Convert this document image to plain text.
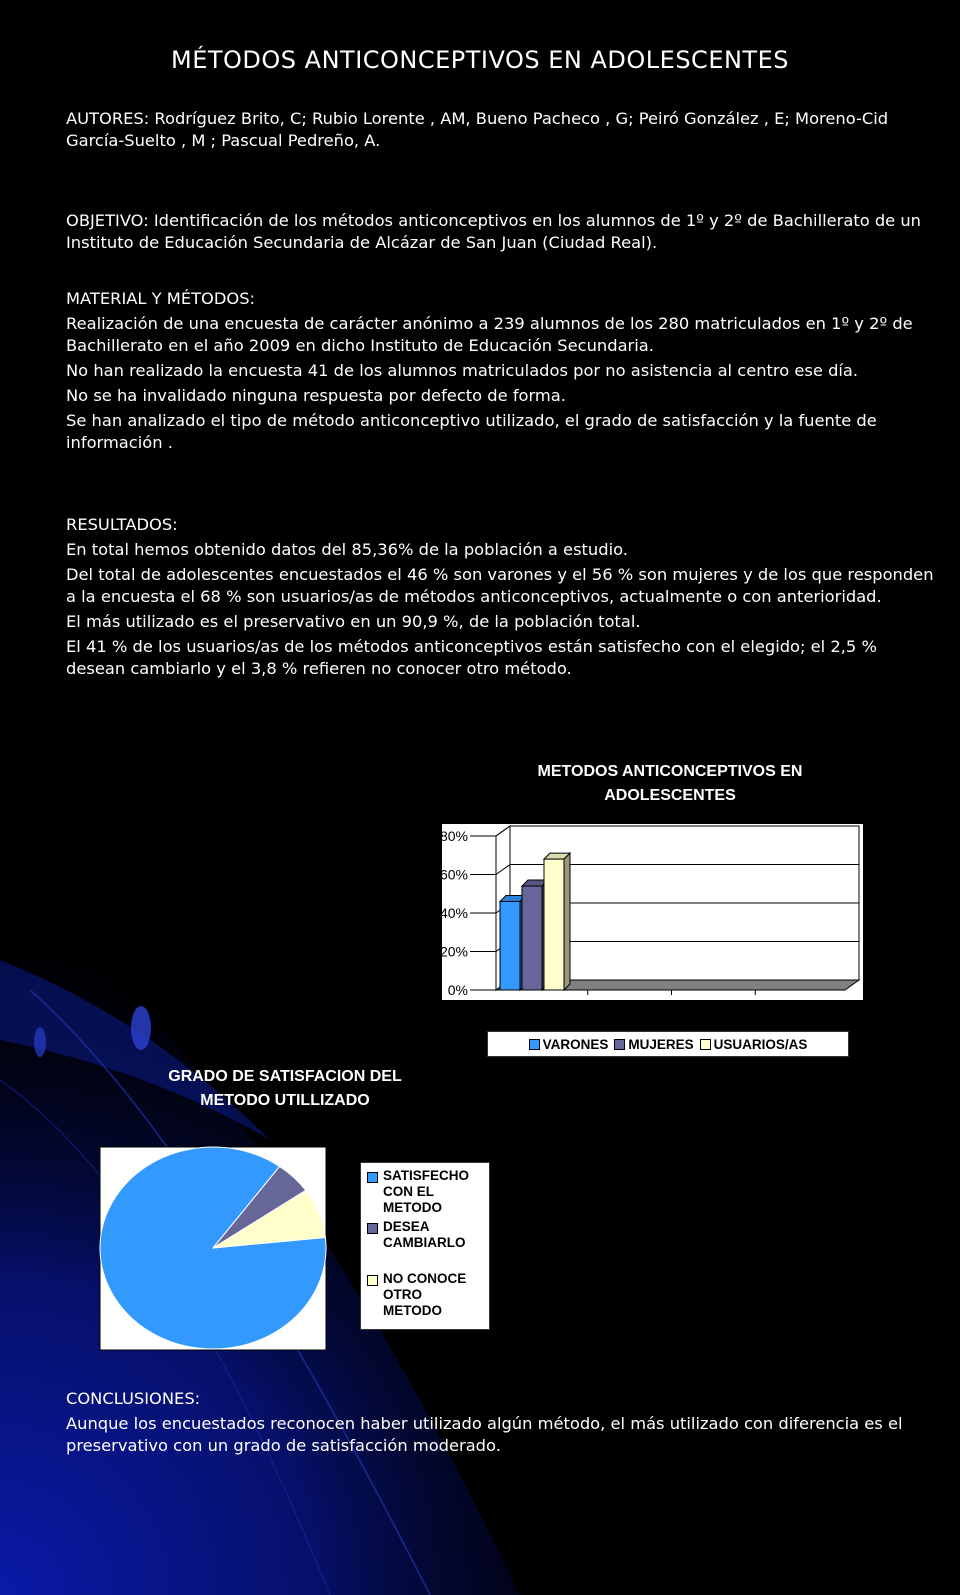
MÉTODOS ANTICONCEPTIVOS EN ADOLESCENTES
AUTORES: Rodríguez Brito, C; Rubio Lorente , AM, Bueno Pacheco , G; Peiró González , E; Moreno-Cid García-Suelto , M ; Pascual Pedreño, A.
OBJETIVO: Identificación de los métodos anticonceptivos en los alumnos de 1º y 2º de Bachillerato de un Instituto de Educación Secundaria de Alcázar de San Juan (Ciudad Real).

MATERIAL Y MÉTODOS:

Realización de una encuesta de carácter anónimo a 239 alumnos de los 280 matriculados en 1º y 2º de Bachillerato en el año 2009 en dicho Instituto de Educación Secundaria.

No han realizado la encuesta 41 de los alumnos matriculados por no asistencia al centro ese día.

No se ha invalidado ninguna respuesta por defecto de forma.

Se han analizado el tipo de método anticonceptivo utilizado, el grado de satisfacción y la fuente de información .

RESULTADOS:

En total hemos obtenido datos del 85,36% de la población a estudio.

Del total de adolescentes encuestados el 46 % son varones y el 56 % son mujeres y de los que responden a la encuesta el 68 % son usuarios/as de métodos anticonceptivos, actualmente o con anterioridad.

El más utilizado es el preservativo en un 90,9 %, de la población total.

El 41 % de los usuarios/as de los métodos anticonceptivos están satisfecho con el elegido; el 2,5 % desean cambiarlo y el 3,8 % refieren no conocer otro método.

METODOS ANTICONCEPTIVOS EN
ADOLESCENTES
0%
20%
40%
60%
80%
VARONES MUJERES USUARIOS/AS
GRADO DE SATISFACION DEL
METODO UTILLIZADO
SATISFECHO
CON EL
METODO
DESEA
CAMBIARLO
NO CONOCE
OTRO
METODO

CONCLUSIONES:

Aunque los encuestados reconocen haber utilizado algún método, el más utilizado con diferencia es el preservativo con un grado de satisfacción moderado.
